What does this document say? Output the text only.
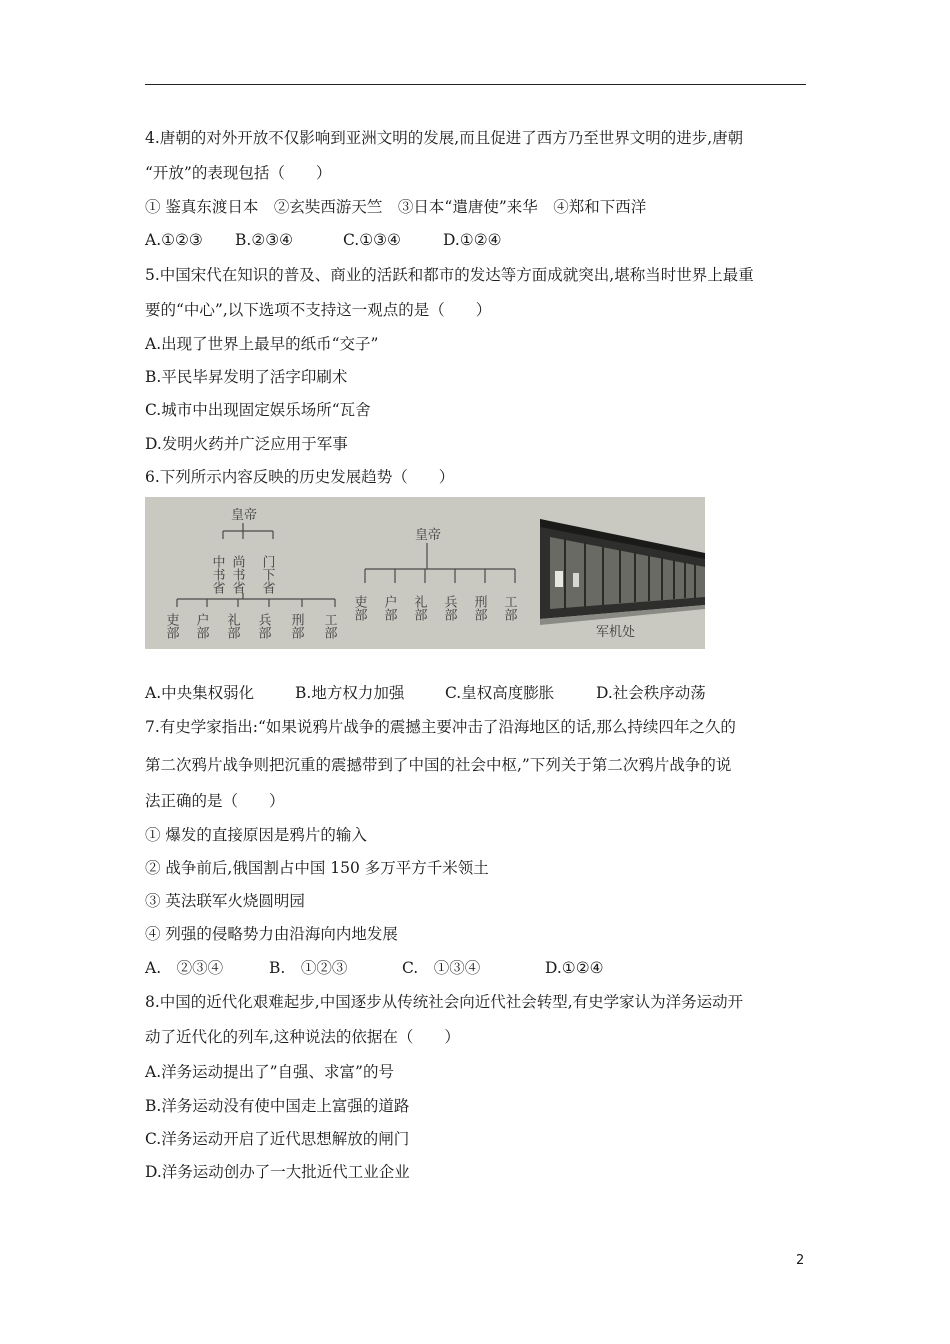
4.唐朝的对外开放不仅影响到亚洲文明的发展,而且促进了西方乃至世界文明的进步,唐朝
“开放”的表现包括（　　）
① 鉴真东渡日本　②玄奘西游天竺　③日本“遣唐使”来华　④郑和下西洋
A.①②③	B.②③④	C.①③④	D.①②④
5.中国宋代在知识的普及、商业的活跃和都市的发达等方面成就突出,堪称当时世界上最重
要的“中心”,以下选项不支持这一观点的是（　　）
A.出现了世界上最早的纸币“交子”
B.平民毕昇发明了活字印刷术
C.城市中出现固定娱乐场所“瓦舍
D.发明火药并广泛应用于军事
6.下列所示内容反映的历史发展趋势（　　）
A.中央集权弱化	B.地方权力加强	C.皇权高度膨胀	D.社会秩序动荡
7.有史学家指出:“如果说鸦片战争的震撼主要冲击了沿海地区的话,那么持续四年之久的
第二次鸦片战争则把沉重的震撼带到了中国的社会中枢,”下列关于第二次鸦片战争的说
法正确的是（　　）
① 爆发的直接原因是鸦片的输入
② 战争前后,俄国割占中国 150 多万平方千米领土
③ 英法联军火烧圆明园
④ 列强的侵略势力由沿海向内地发展
A.　②③④	B.　①②③	C.　①③④	D.①②④
8.中国的近代化艰难起步,中国逐步从传统社会向近代社会转型,有史学家认为洋务运动开
动了近代化的列车,这种说法的依据在（　　）
A.洋务运动提出了”自强、求富”的号
B.洋务运动没有使中国走上富强的道路
C.洋务运动开启了近代思想解放的闸门
D.洋务运动创办了一大批近代工业企业
皇帝
中书省 尚书省 门下省
吏部 户部 礼部 兵部 刑部 工部
皇帝
吏部 户部 礼部 兵部 刑部 工部
军机处
2
